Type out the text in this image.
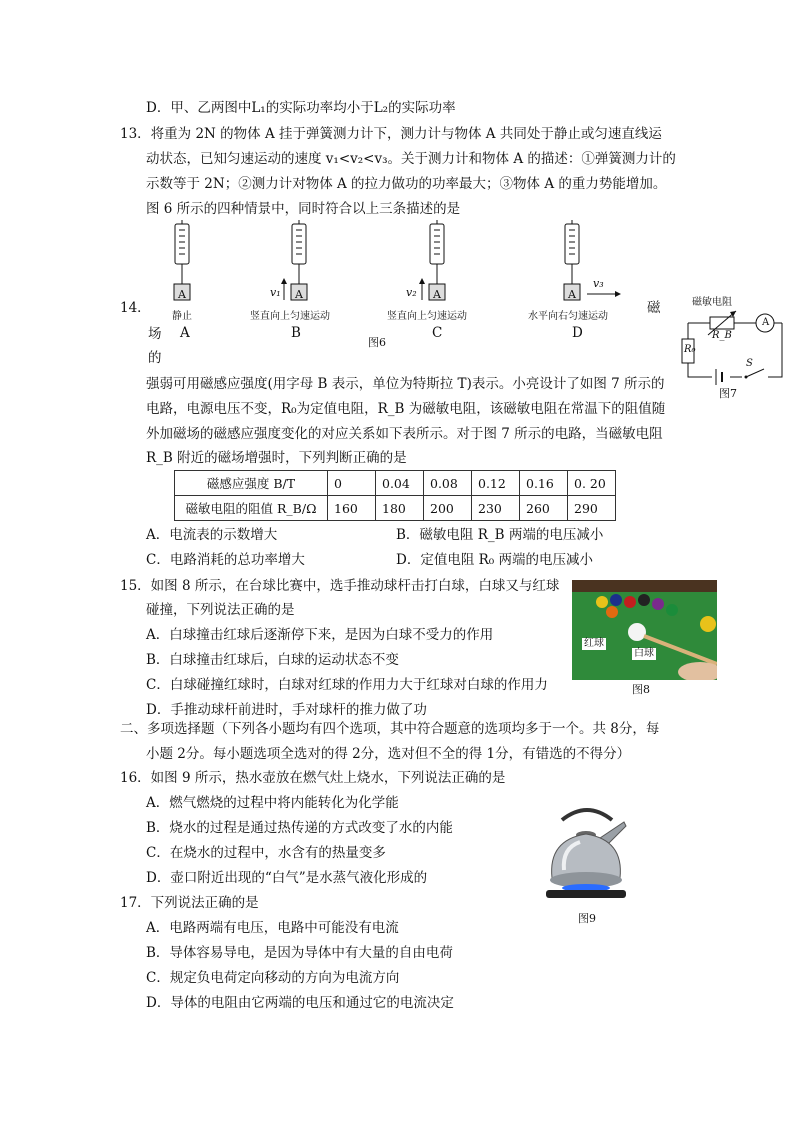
D．甲、乙两图中L₁的实际功率均小于L₂的实际功率
13．将重为 2N 的物体 A 挂于弹簧测力计下，测力计与物体 A 共同处于静止或匀速直线运
动状态，已知匀速运动的速度 v₁<v₂<v₃。关于测力计和物体 A 的描述：①弹簧测力计的
示数等于 2N；②测力计对物体 A 的拉力做功的功率最大；③物体 A 的重力势能增加。
图 6 所示的四种情景中，同时符合以上三条描述的是
A	A	A	A
v₁	v₂
v₃
静止	竖直向上匀速运动	竖直向上匀速运动	水平向右匀速运动
A	B	C	D
图6
14．	磁
场
的
强弱可用磁感应强度(用字母 B 表示，单位为特斯拉 T)表示。小亮设计了如图 7 所示的
电路，电源电压不变，R₀为定值电阻，R_B 为磁敏电阻，该磁敏电阻在常温下的阻值随
外加磁场的磁感应强度变化的对应关系如下表所示。对于图 7 所示的电路，当磁敏电阻
R_B 附近的磁场增强时，下列判断正确的是
磁敏电阻
R_B
R₀
S
A
图7
磁感应强度 B/T	0	0.04	0.08	0.12	0.16	0. 20
磁敏电阻的阻值 R_B/Ω	160	180	200	230	260	290
A．电流表的示数增大	B．磁敏电阻 R_B 两端的电压减小
C．电路消耗的总功率增大	D．定值电阻 R₀ 两端的电压减小
15．如图 8 所示，在台球比赛中，选手推动球杆击打白球，白球又与红球
碰撞，下列说法正确的是
A．白球撞击红球后逐渐停下来，是因为白球不受力的作用
B．白球撞击红球后，白球的运动状态不变
C．白球碰撞红球时，白球对红球的作用力大于红球对白球的作用力
D．手推动球杆前进时，手对球杆的推力做了功
红球
白球
图8
二、多项选择题（下列各小题均有四个选项，其中符合题意的选项均多于一个。共 8分，每
小题 2分。每小题选项全选对的得 2分，选对但不全的得 1分，有错选的不得分）
16．如图 9 所示，热水壶放在燃气灶上烧水，下列说法正确的是
A．燃气燃烧的过程中将内能转化为化学能
B．烧水的过程是通过热传递的方式改变了水的内能
C．在烧水的过程中，水含有的热量变多
D．壶口附近出现的“白气”是水蒸气液化形成的
图9
17．下列说法正确的是
A．电路两端有电压，电路中可能没有电流
B．导体容易导电，是因为导体中有大量的自由电荷
C．规定负电荷定向移动的方向为电流方向
D．导体的电阻由它两端的电压和通过它的电流决定
